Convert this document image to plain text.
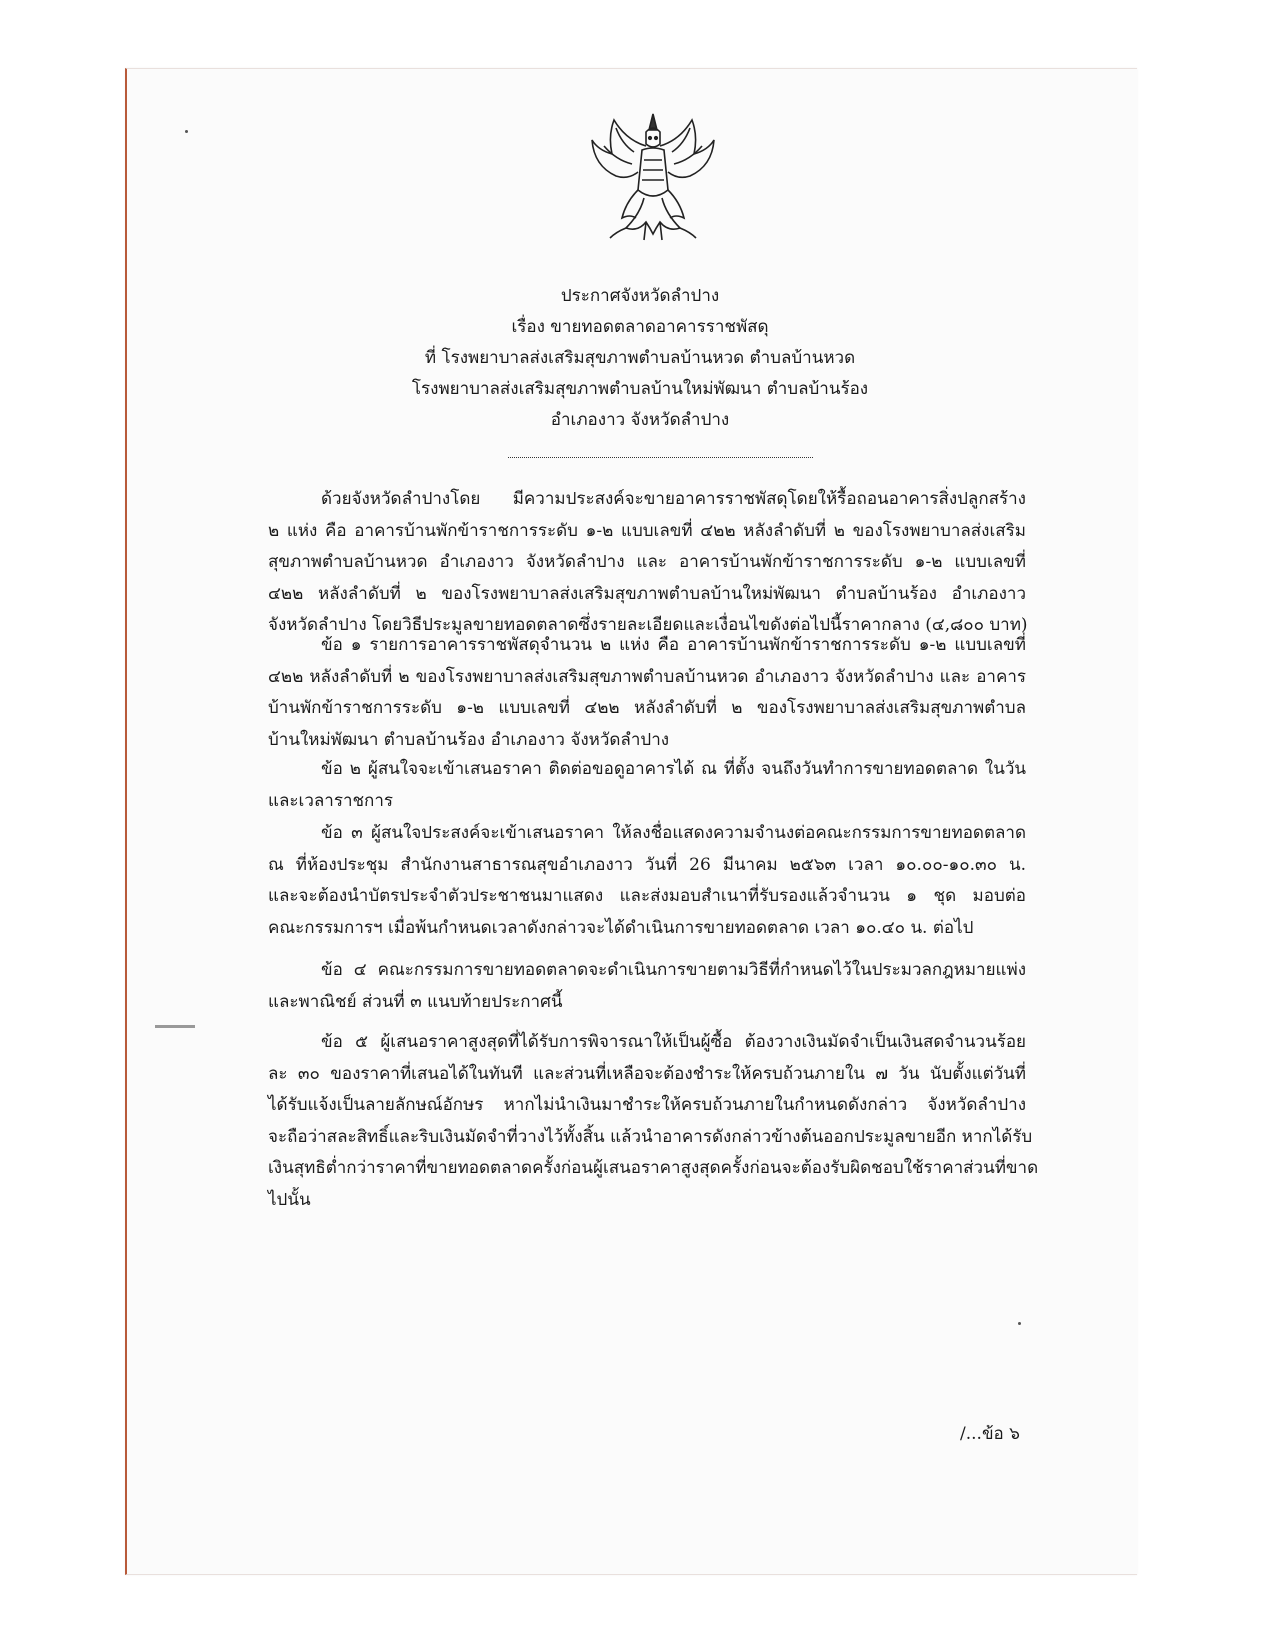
ประกาศจังหวัดลำปาง
เรื่อง ขายทอดตลาดอาคารราชพัสดุ
ที่ โรงพยาบาลส่งเสริมสุขภาพตำบลบ้านหวด ตำบลบ้านหวด
โรงพยาบาลส่งเสริมสุขภาพตำบลบ้านใหม่พัฒนา ตำบลบ้านร้อง
อำเภองาว จังหวัดลำปาง
ด้วยจังหวัดลำปางโดย มีความประสงค์จะขายอาคารราชพัสดุโดยให้รื้อถอนอาคารสิ่งปลูกสร้าง
๒ แห่ง คือ อาคารบ้านพักข้าราชการระดับ ๑-๒ แบบเลขที่ ๔๒๒ หลังลำดับที่ ๒ ของโรงพยาบาลส่งเสริม
สุขภาพตำบลบ้านหวด อำเภองาว จังหวัดลำปาง และ อาคารบ้านพักข้าราชการระดับ ๑-๒ แบบเลขที่
๔๒๒ หลังลำดับที่ ๒ ของโรงพยาบาลส่งเสริมสุขภาพตำบลบ้านใหม่พัฒนา ตำบลบ้านร้อง อำเภองาว
จังหวัดลำปาง โดยวิธีประมูลขายทอดตลาดซึ่งรายละเอียดและเงื่อนไขดังต่อไปนี้ราคากลาง (๔,๘๐๐ บาท)
ข้อ ๑ รายการอาคารราชพัสดุจำนวน ๒ แห่ง คือ อาคารบ้านพักข้าราชการระดับ ๑-๒ แบบเลขที่
๔๒๒ หลังลำดับที่ ๒ ของโรงพยาบาลส่งเสริมสุขภาพตำบลบ้านหวด อำเภองาว จังหวัดลำปาง และ อาคาร
บ้านพักข้าราชการระดับ ๑-๒ แบบเลขที่ ๔๒๒ หลังลำดับที่ ๒ ของโรงพยาบาลส่งเสริมสุขภาพตำบล
บ้านใหม่พัฒนา ตำบลบ้านร้อง อำเภองาว จังหวัดลำปาง
ข้อ ๒ ผู้สนใจจะเข้าเสนอราคา ติดต่อขอดูอาคารได้ ณ ที่ตั้ง จนถึงวันทำการขายทอดตลาด ในวัน
และเวลาราชการ
ข้อ ๓ ผู้สนใจประสงค์จะเข้าเสนอราคา ให้ลงชื่อแสดงความจำนงต่อคณะกรรมการขายทอดตลาด
ณ ที่ห้องประชุม สำนักงานสาธารณสุขอำเภองาว วันที่ 26 มีนาคม ๒๕๖๓ เวลา ๑๐.๐๐-๑๐.๓๐ น.
และจะต้องนำบัตรประจำตัวประชาชนมาแสดง และส่งมอบสำเนาที่รับรองแล้วจำนวน ๑ ชุด มอบต่อ
คณะกรรมการฯ เมื่อพ้นกำหนดเวลาดังกล่าวจะได้ดำเนินการขายทอดตลาด เวลา ๑๐.๔๐ น. ต่อไป
ข้อ ๔ คณะกรรมการขายทอดตลาดจะดำเนินการขายตามวิธีที่กำหนดไว้ในประมวลกฎหมายแพ่ง
และพาณิชย์ ส่วนที่ ๓ แนบท้ายประกาศนี้
ข้อ ๕ ผู้เสนอราคาสูงสุดที่ได้รับการพิจารณาให้เป็นผู้ซื้อ ต้องวางเงินมัดจำเป็นเงินสดจำนวนร้อย
ละ ๓๐ ของราคาที่เสนอได้ในทันที และส่วนที่เหลือจะต้องชำระให้ครบถ้วนภายใน ๗ วัน นับตั้งแต่วันที่
ได้รับแจ้งเป็นลายลักษณ์อักษร หากไม่นำเงินมาชำระให้ครบถ้วนภายในกำหนดดังกล่าว จังหวัดลำปาง
จะถือว่าสละสิทธิ์และริบเงินมัดจำที่วางไว้ทั้งสิ้น แล้วนำอาคารดังกล่าวข้างต้นออกประมูลขายอีก หากได้รับ
เงินสุทธิต่ำกว่าราคาที่ขายทอดตลาดครั้งก่อนผู้เสนอราคาสูงสุดครั้งก่อนจะต้องรับผิดชอบใช้ราคาส่วนที่ขาด
ไปนั้น
/...ข้อ ๖
